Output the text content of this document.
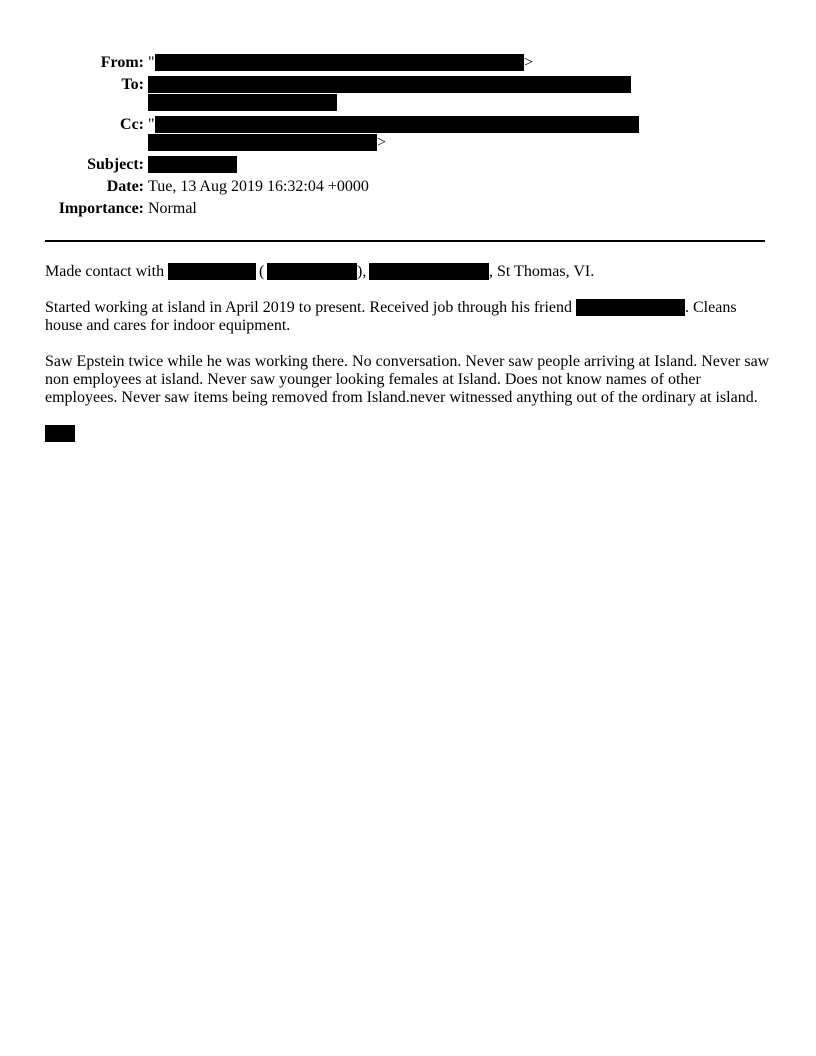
From: "	>
To:
Cc: "
>
Subject:
Date: Tue, 13 Aug 2019 16:32:04 +0000
Importance: Normal
Made contact with	(	),	, St Thomas, VI.
Started working at island in April 2019 to present. Received job through his friend	. Cleans
house and cares for indoor equipment.
Saw Epstein twice while he was working there. No conversation. Never saw people arriving at Island. Never saw
non employees at island. Never saw younger looking females at Island. Does not know names of other
employees. Never saw items being removed from Island.never witnessed anything out of the ordinary at island.
